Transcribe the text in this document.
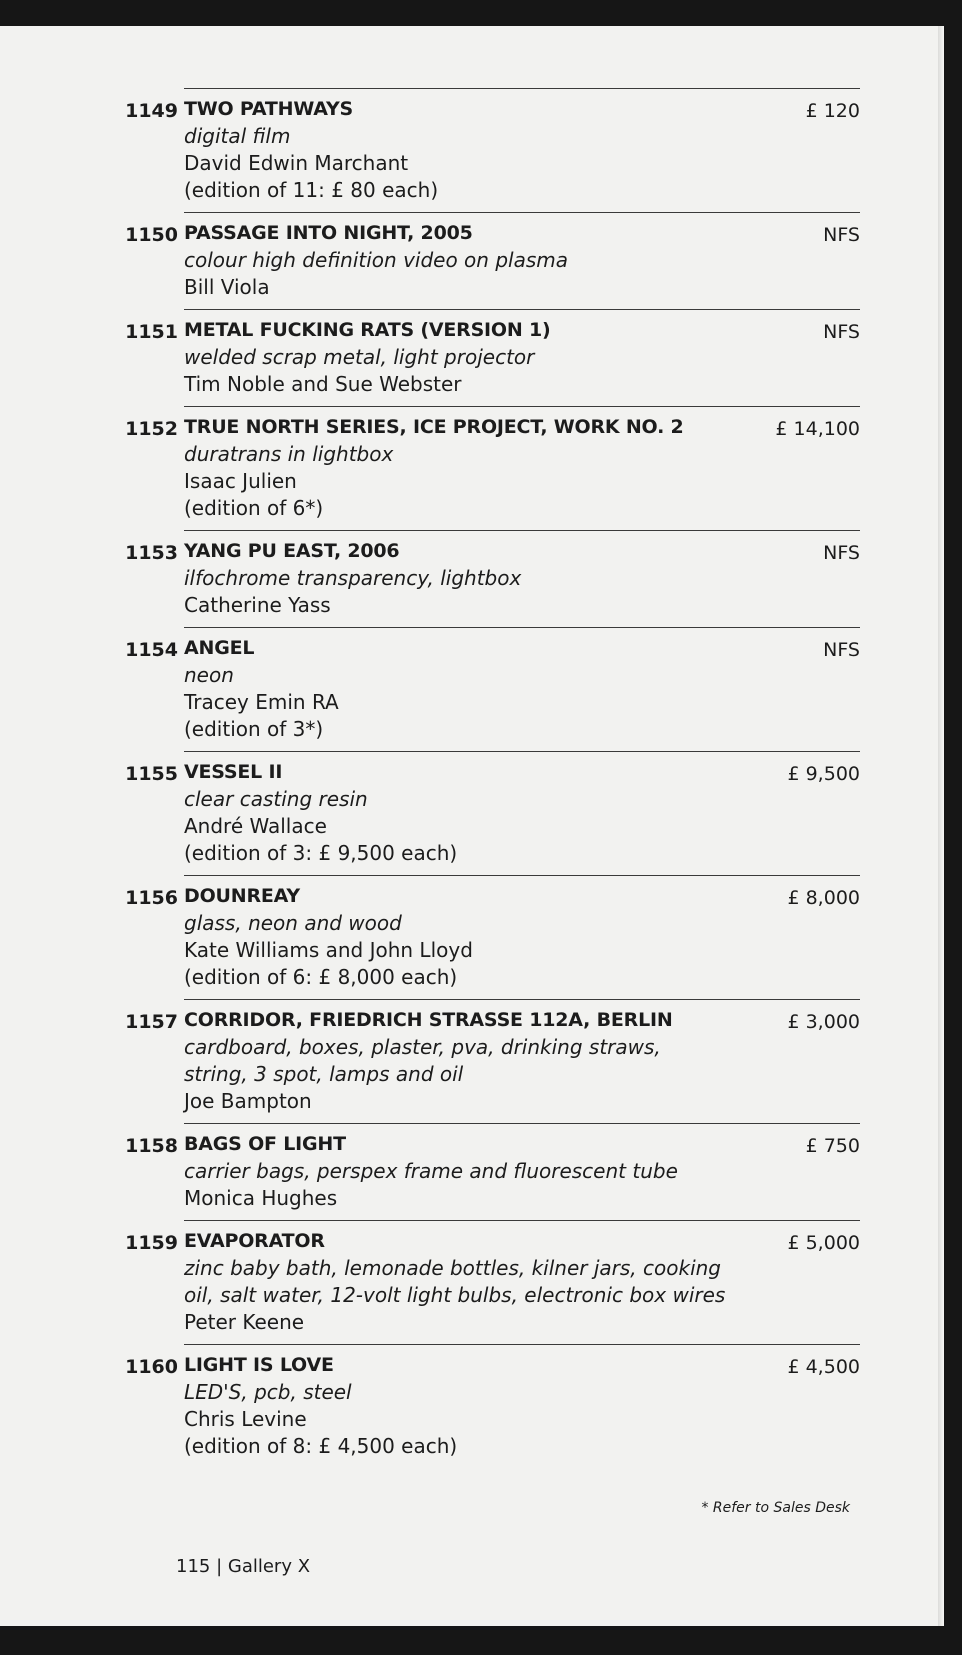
1149 TWO PATHWAYS
digital film
David Edwin Marchant
(edition of 11: £ 80 each)
£ 120
1150 PASSAGE INTO NIGHT, 2005
colour high definition video on plasma
Bill Viola
NFS
1151 METAL FUCKING RATS (VERSION 1)
welded scrap metal, light projector
Tim Noble and Sue Webster
NFS
1152 TRUE NORTH SERIES, ICE PROJECT, WORK NO. 2
duratrans in lightbox
Isaac Julien
(edition of 6*)
£ 14,100
1153 YANG PU EAST, 2006
ilfochrome transparency, lightbox
Catherine Yass
NFS
1154 ANGEL
neon
Tracey Emin RA
(edition of 3*)
NFS
1155 VESSEL II
clear casting resin
André Wallace
(edition of 3: £ 9,500 each)
£ 9,500
1156 DOUNREAY
glass, neon and wood
Kate Williams and John Lloyd
(edition of 6: £ 8,000 each)
£ 8,000
1157 CORRIDOR, FRIEDRICH STRASSE 112A, BERLIN
cardboard, boxes, plaster, pva, drinking straws,
string, 3 spot, lamps and oil
Joe Bampton
£ 3,000
1158 BAGS OF LIGHT
carrier bags, perspex frame and fluorescent tube
Monica Hughes
£ 750
1159 EVAPORATOR
zinc baby bath, lemonade bottles, kilner jars, cooking
oil, salt water, 12-volt light bulbs, electronic box wires
Peter Keene
£ 5,000
1160 LIGHT IS LOVE
LED'S, pcb, steel
Chris Levine
(edition of 8: £ 4,500 each)
£ 4,500
* Refer to Sales Desk
115 | Gallery X
